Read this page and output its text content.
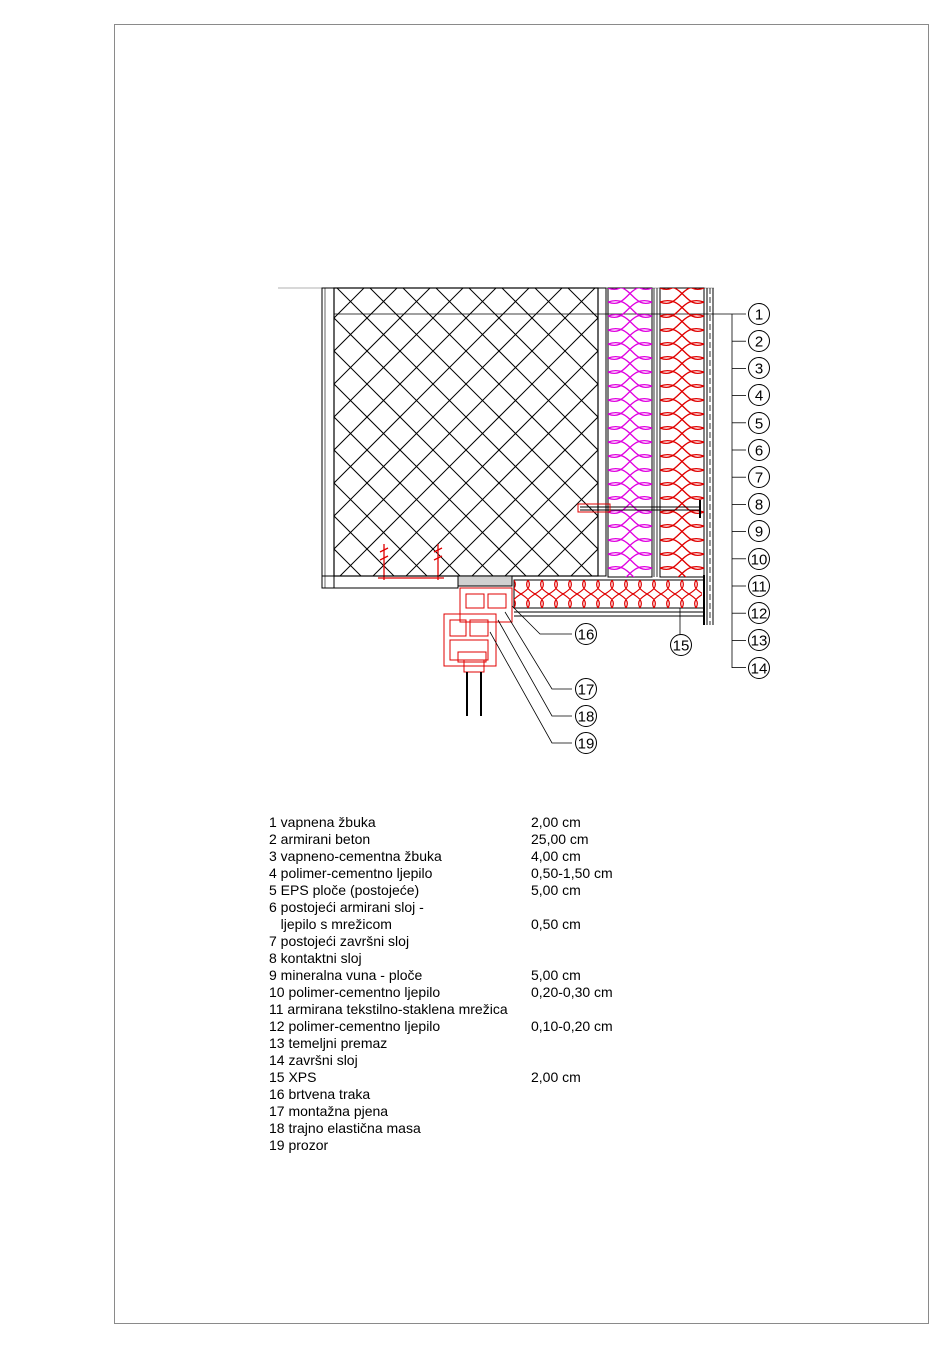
1
2
3
4
5
6
7
8
9
10
11
12
13
14
15
16
17
18
19
1 vapnena žbuka	2,00 cm
2 armirani beton	25,00 cm
3 vapneno-cementna žbuka	4,00 cm
4 polimer-cementno ljepilo	0,50-1,50 cm
5 EPS ploče (postojeće)	5,00 cm
6 postojeći armirani sloj -
ljepilo s mrežicom	0,50 cm
7 postojeći završni sloj
8 kontaktni sloj
9 mineralna vuna - ploče	5,00 cm
10 polimer-cementno ljepilo	0,20-0,30 cm
11 armirana tekstilno-staklena mrežica
12 polimer-cementno ljepilo	0,10-0,20 cm
13 temeljni premaz
14 završni sloj
15 XPS	2,00 cm
16 brtvena traka
17 montažna pjena
18 trajno elastična masa
19 prozor
